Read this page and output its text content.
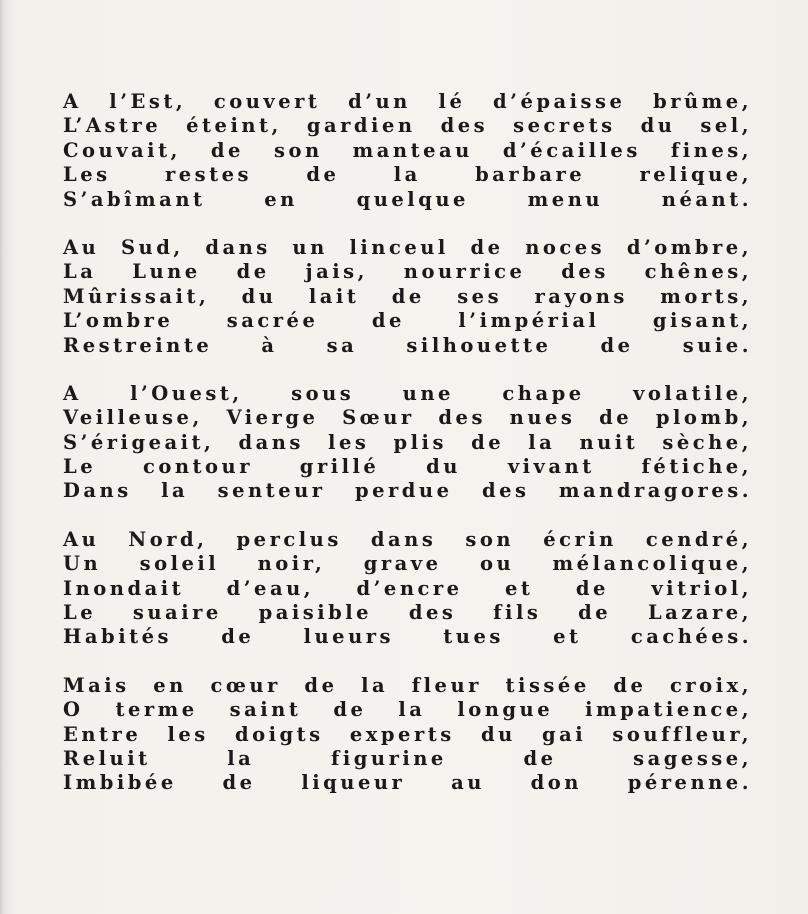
A l’Est, couvert d’un lé d’épaisse brûme,
L’Astre éteint, gardien des secrets du sel,
Couvait, de son manteau d’écailles fines,
Les restes de la barbare relique,
S’abîmant en quelque menu néant.
Au Sud, dans un linceul de noces d’ombre,
La Lune de jais, nourrice des chênes,
Mûrissait, du lait de ses rayons morts,
L’ombre sacrée de l’impérial gisant,
Restreinte à sa silhouette de suie.
A l’Ouest, sous une chape volatile,
Veilleuse, Vierge Sœur des nues de plomb,
S’érigeait, dans les plis de la nuit sèche,
Le contour grillé du vivant fétiche,
Dans la senteur perdue des mandragores.
Au Nord, perclus dans son écrin cendré,
Un soleil noir, grave ou mélancolique,
Inondait d’eau, d’encre et de vitriol,
Le suaire paisible des fils de Lazare,
Habités de lueurs tues et cachées.
Mais en cœur de la fleur tissée de croix,
O terme saint de la longue impatience,
Entre les doigts experts du gai souffleur,
Reluit la figurine de sagesse,
Imbibée de liqueur au don pérenne.
